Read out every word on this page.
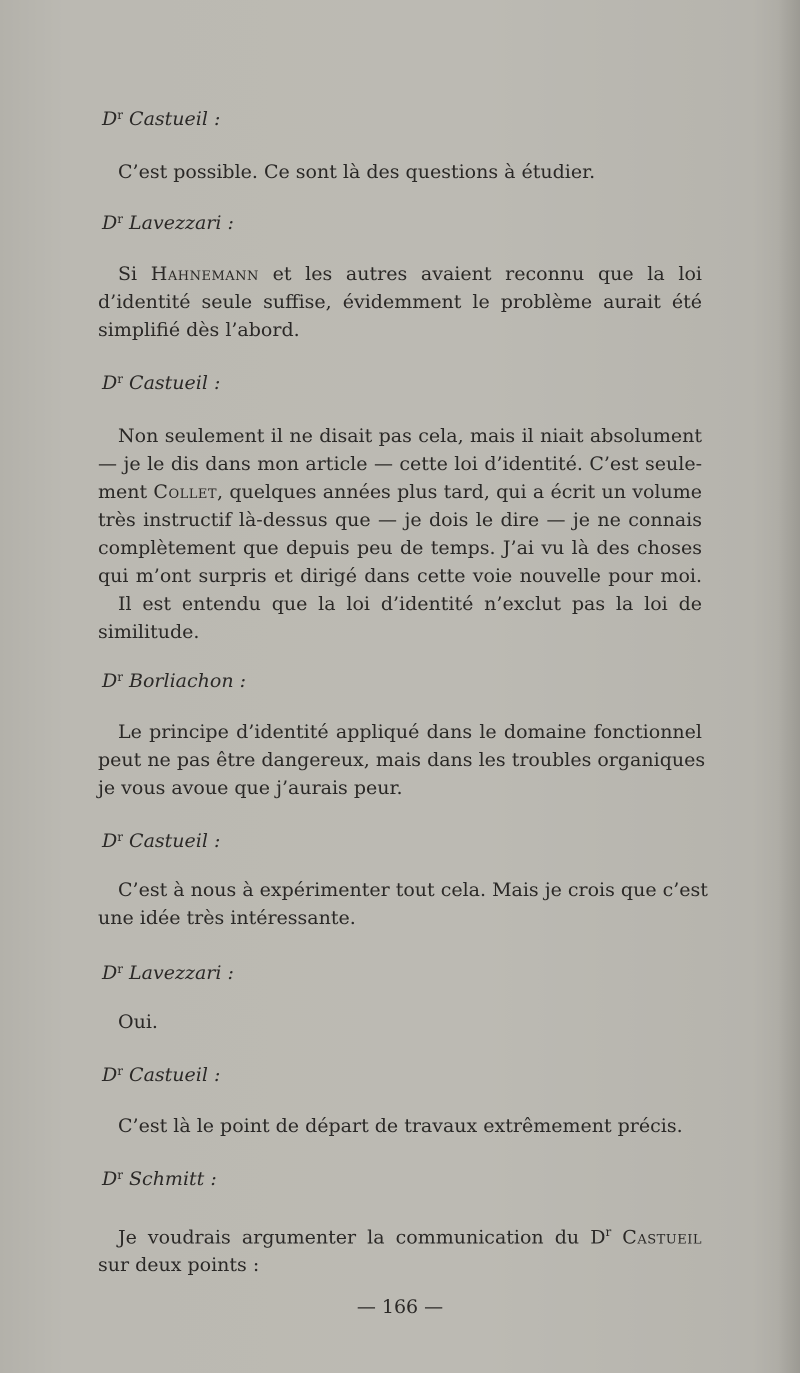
$D^r$ Castueil :
C’est possible. Ce sont là des questions à étudier.
$D^r$ Lavezzari :
Si Hahnemann et les autres avaient reconnu que la loi
d’identité seule suffise, évidemment le problème aurait été
simplifié dès l’abord.
$D^r$ Castueil :
Non seulement il ne disait pas cela, mais il niait absolument
— je le dis dans mon article — cette loi d’identité. C’est seule-
ment Collet, quelques années plus tard, qui a écrit un volume
très instructif là-dessus que — je dois le dire — je ne connais
complètement que depuis peu de temps. J’ai vu là des choses
qui m’ont surpris et dirigé dans cette voie nouvelle pour moi.
Il est entendu que la loi d’identité n’exclut pas la loi de
similitude.
$D^r$ Borliachon :
Le principe d’identité appliqué dans le domaine fonctionnel
peut ne pas être dangereux, mais dans les troubles organiques
je vous avoue que j’aurais peur.
$D^r$ Castueil :
C’est à nous à expérimenter tout cela. Mais je crois que c’est
une idée très intéressante.
$D^r$ Lavezzari :
Oui.
$D^r$ Castueil :
C’est là le point de départ de travaux extrêmement précis.
$D^r$ Schmitt :
Je voudrais argumenter la communication du $D^r$ Castueil
sur deux points :
— 166 —
